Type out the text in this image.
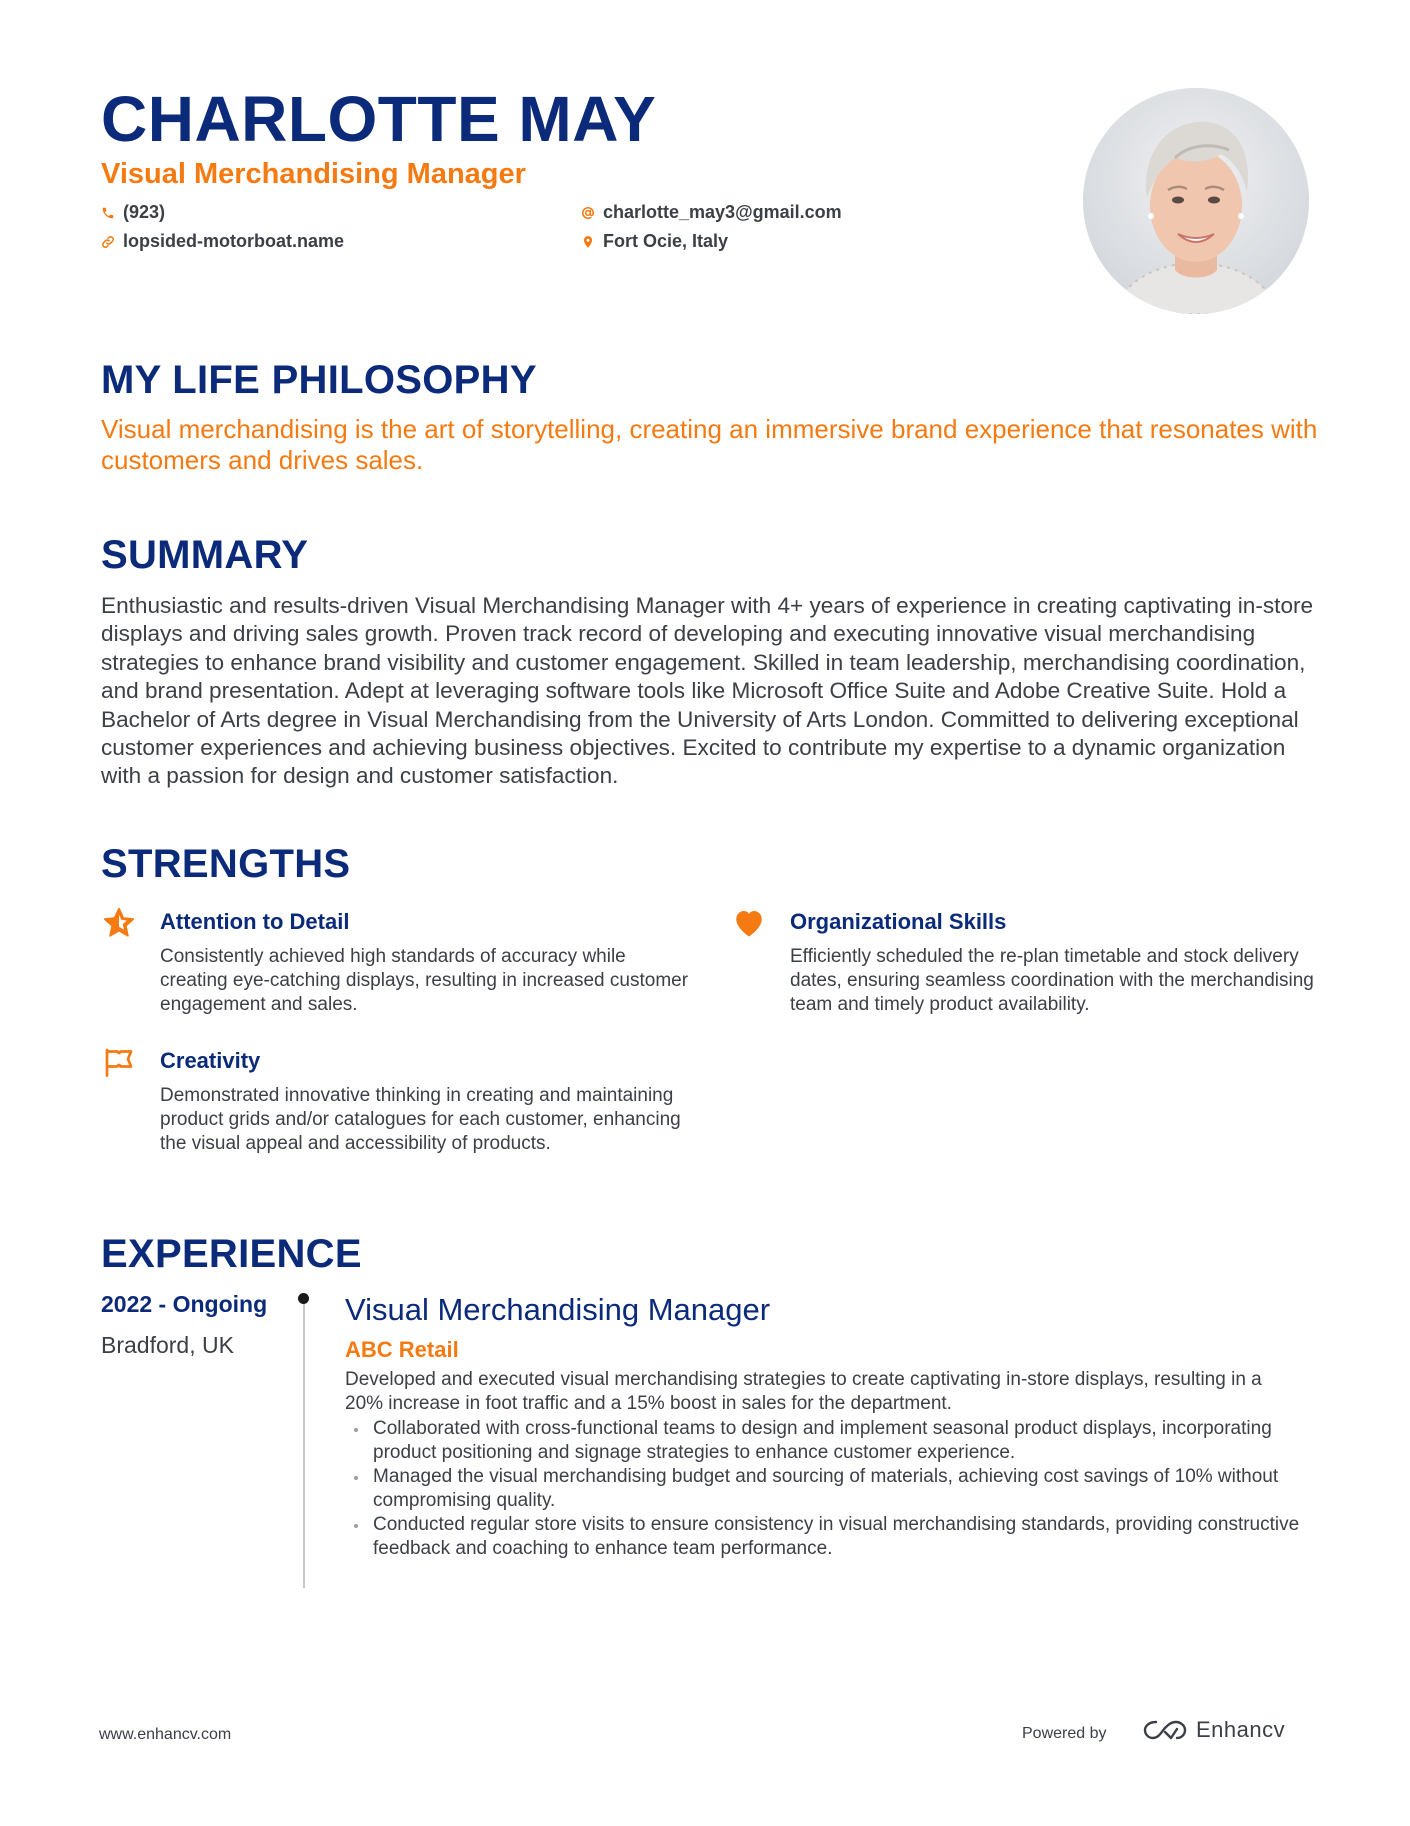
CHARLOTTE MAY
Visual Merchandising Manager
(923)	charlotte_may3@gmail.com
lopsided-motorboat.name	Fort Ocie, Italy
MY LIFE PHILOSOPHY
Visual merchandising is the art of storytelling, creating an immersive brand experience that resonates with customers and drives sales.
SUMMARY
Enthusiastic and results-driven Visual Merchandising Manager with 4+ years of experience in creating captivating in-store displays and driving sales growth. Proven track record of developing and executing innovative visual merchandising strategies to enhance brand visibility and customer engagement. Skilled in team leadership, merchandising coordination, and brand presentation. Adept at leveraging software tools like Microsoft Office Suite and Adobe Creative Suite. Hold a Bachelor of Arts degree in Visual Merchandising from the University of Arts London. Committed to delivering exceptional customer experiences and achieving business objectives. Excited to contribute my expertise to a dynamic organization with a passion for design and customer satisfaction.
STRENGTHS
Attention to Detail
Consistently achieved high standards of accuracy while creating eye-catching displays, resulting in increased customer engagement and sales.
Organizational Skills
Efficiently scheduled the re-plan timetable and stock delivery dates, ensuring seamless coordination with the merchandising team and timely product availability.
Creativity
Demonstrated innovative thinking in creating and maintaining product grids and/or catalogues for each customer, enhancing the visual appeal and accessibility of products.
EXPERIENCE
2022 - Ongoing
Bradford, UK
Visual Merchandising Manager
ABC Retail
Developed and executed visual merchandising strategies to create captivating in-store displays, resulting in a 20% increase in foot traffic and a 15% boost in sales for the department.
Collaborated with cross-functional teams to design and implement seasonal product displays, incorporating product positioning and signage strategies to enhance customer experience.
Managed the visual merchandising budget and sourcing of materials, achieving cost savings of 10% without compromising quality.
Conducted regular store visits to ensure consistency in visual merchandising standards, providing constructive feedback and coaching to enhance team performance.
www.enhancv.com	Powered by	Enhancv
